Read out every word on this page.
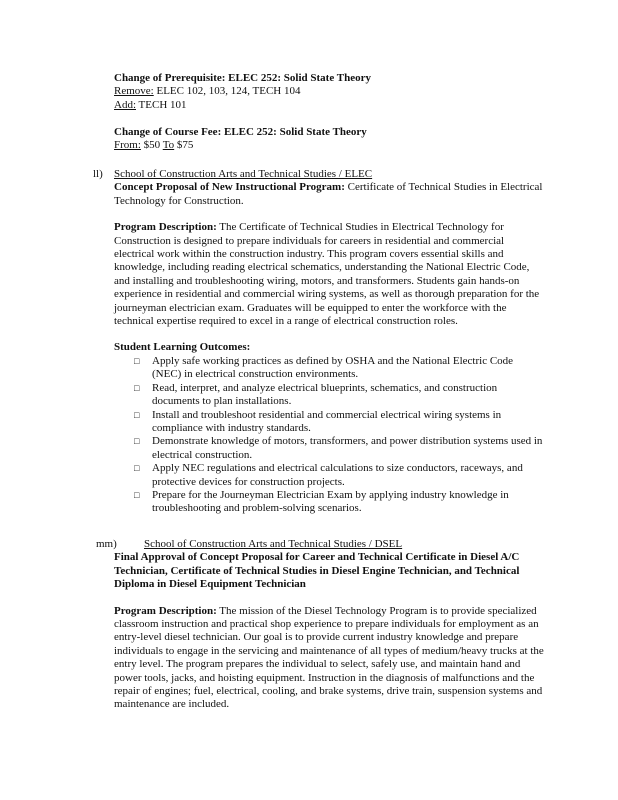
Change of Prerequisite: ELEC 252: Solid State Theory

Remove: ELEC 102, 103, 124, TECH 104

Add: TECH 101

Change of Course Fee: ELEC 252: Solid State Theory

From: $50 To $75

ll) School of Construction Arts and Technical Studies / ELEC

Concept Proposal of New Instructional Program: Certificate of Technical Studies in Electrical Technology for Construction.

Program Description: The Certificate of Technical Studies in Electrical Technology for Construction is designed to prepare individuals for careers in residential and commercial electrical work within the construction industry. This program covers essential skills and knowledge, including reading electrical schematics, understanding the National Electric Code, and installing and troubleshooting wiring, motors, and transformers. Students gain hands-on experience in residential and commercial wiring systems, as well as thorough preparation for the journeyman electrician exam. Graduates will be equipped to enter the workforce with the technical expertise required to excel in a range of electrical construction roles.

Student Learning Outcomes:

□ Apply safe working practices as defined by OSHA and the National Electric Code (NEC) in electrical construction environments.
□ Read, interpret, and analyze electrical blueprints, schematics, and construction documents to plan installations.
□ Install and troubleshoot residential and commercial electrical wiring systems in compliance with industry standards.
□ Demonstrate knowledge of motors, transformers, and power distribution systems used in electrical construction.
□ Apply NEC regulations and electrical calculations to size conductors, raceways, and protective devices for construction projects.
□ Prepare for the Journeyman Electrician Exam by applying industry knowledge in troubleshooting and problem-solving scenarios.
mm)	School of Construction Arts and Technical Studies / DSEL

Final Approval of Concept Proposal for Career and Technical Certificate in Diesel A/C Technician, Certificate of Technical Studies in Diesel Engine Technician, and Technical Diploma in Diesel Equipment Technician

Program Description: The mission of the Diesel Technology Program is to provide specialized classroom instruction and practical shop experience to prepare individuals for employment as an entry-level diesel technician. Our goal is to provide current industry knowledge and prepare individuals to engage in the servicing and maintenance of all types of medium/heavy trucks at the entry level. The program prepares the individual to select, safely use, and maintain hand and power tools, jacks, and hoisting equipment. Instruction in the diagnosis of malfunctions and the repair of engines; fuel, electrical, cooling, and brake systems, drive train, suspension systems and maintenance are included.
